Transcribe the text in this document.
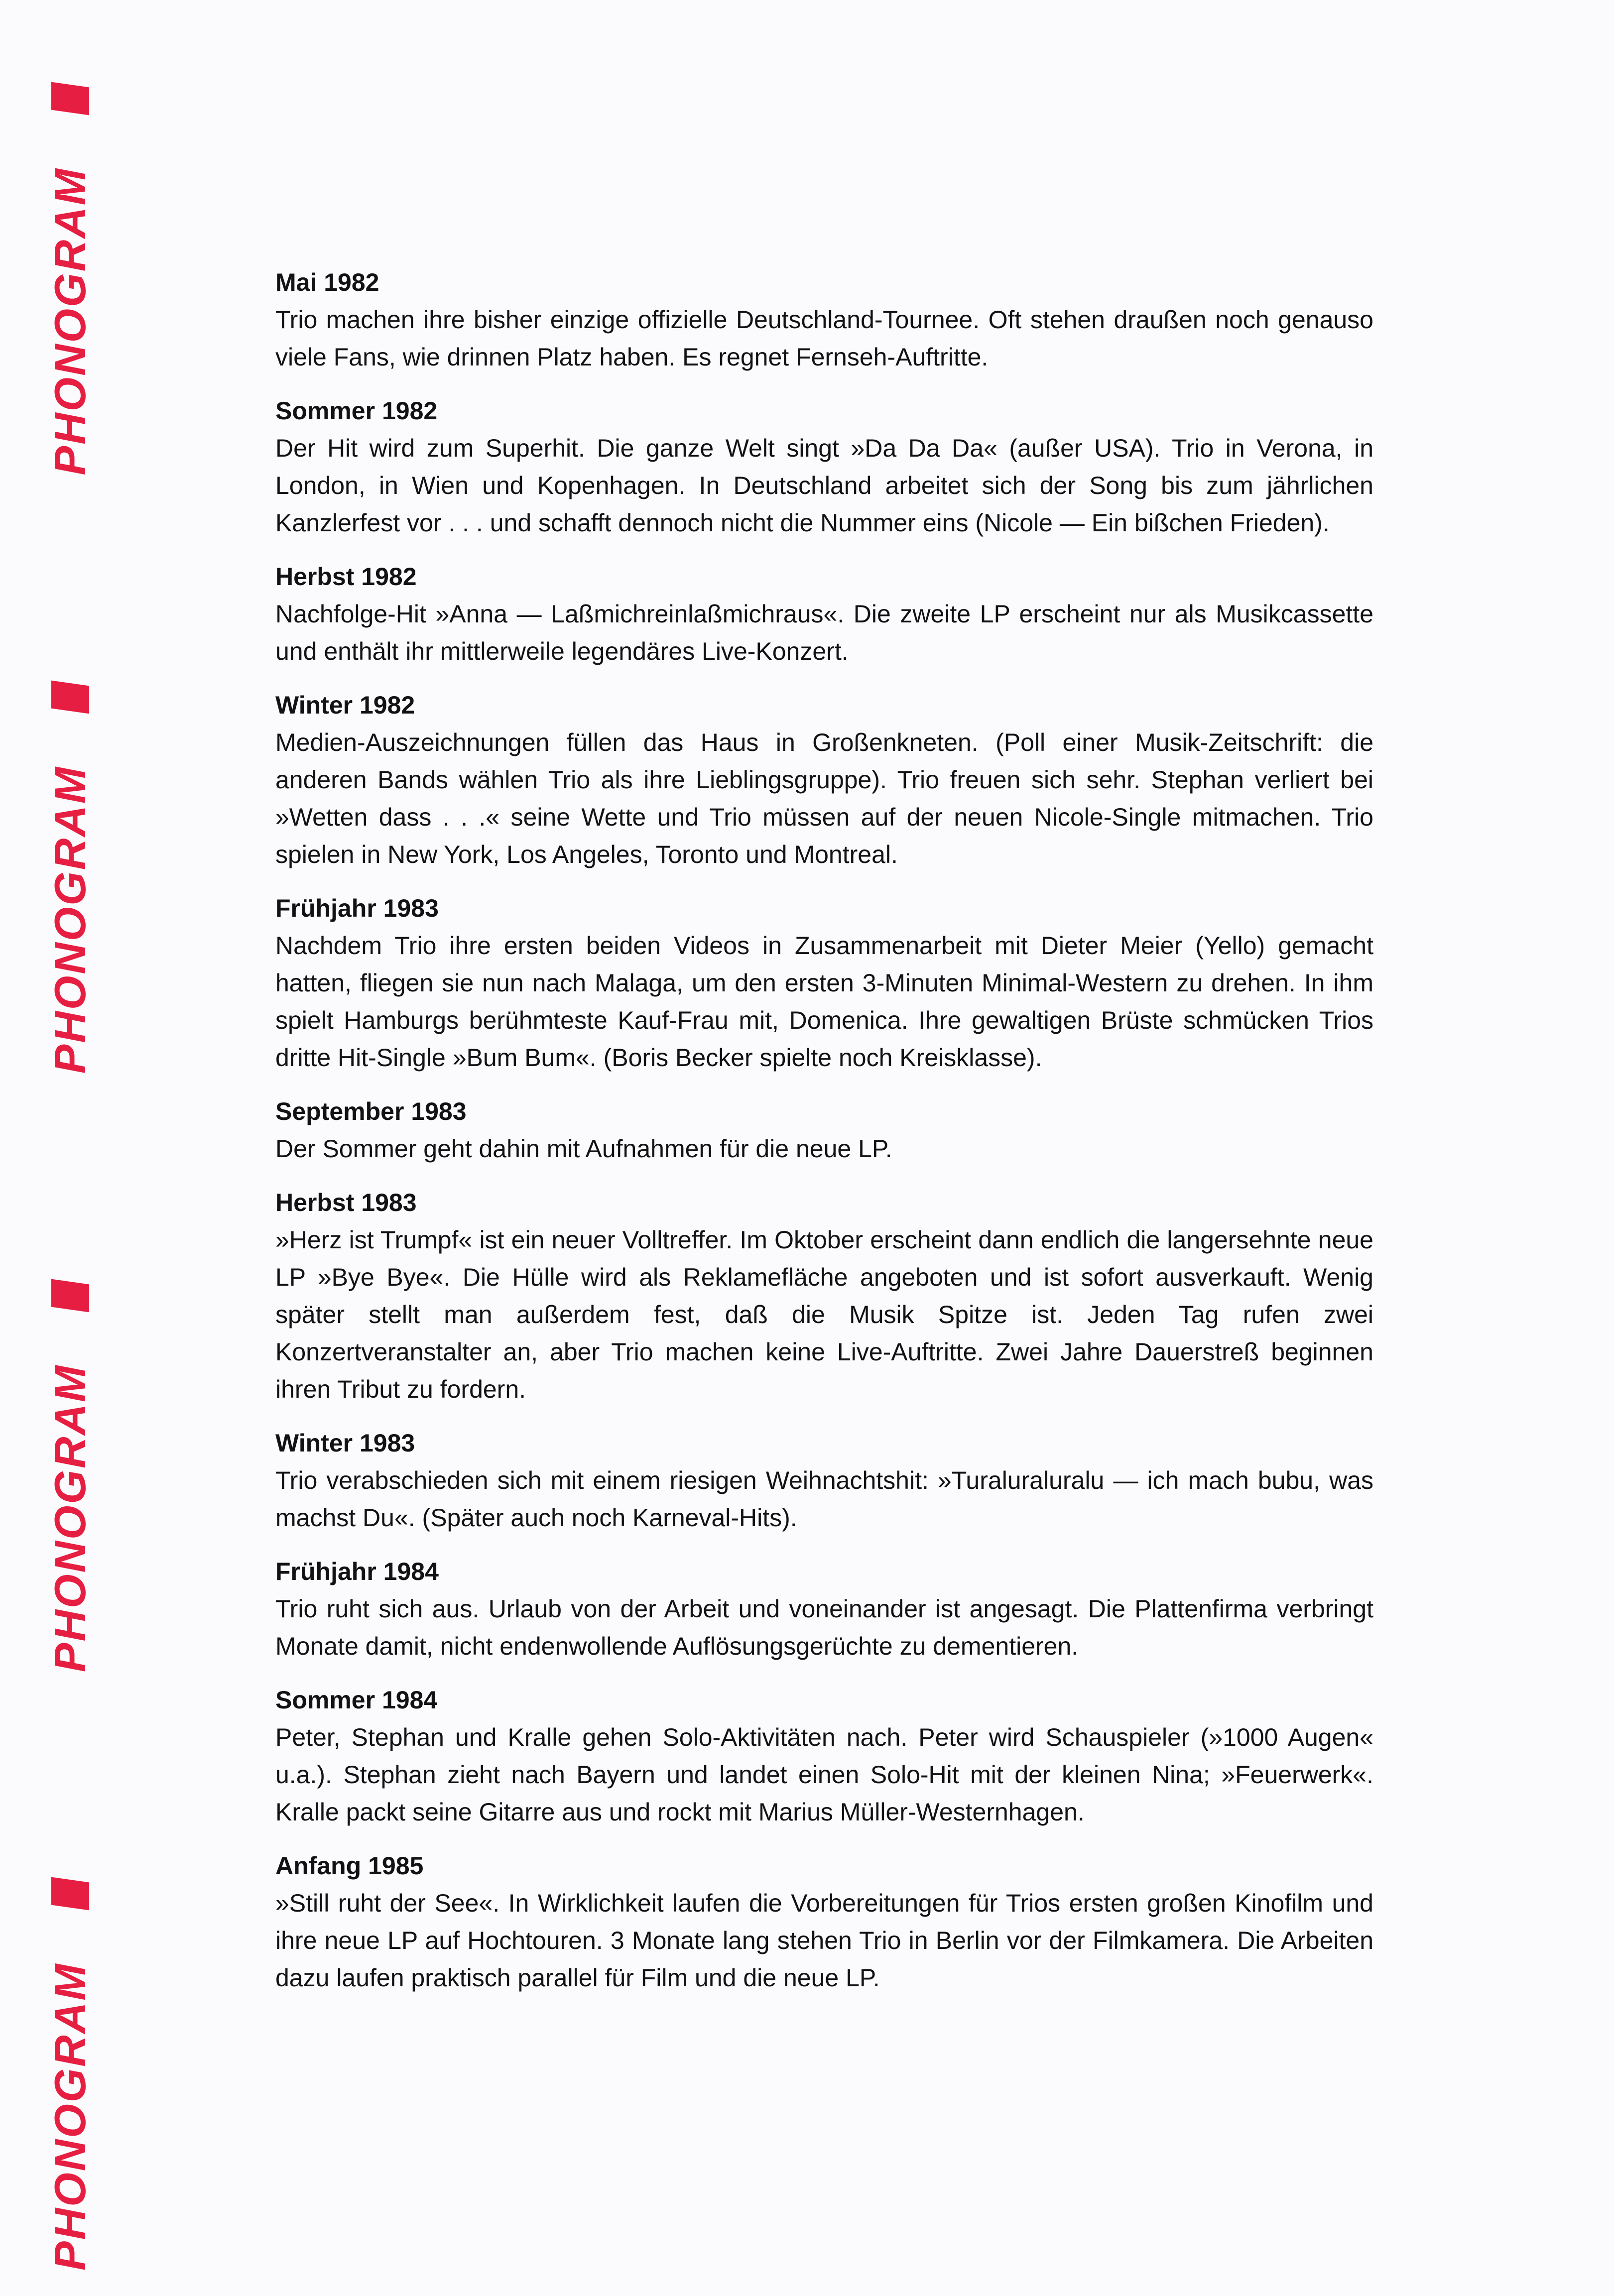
PHONOGRAM
PHONOGRAM
PHONOGRAM
PHONOGRAM	Mai 1982

Trio machen ihre bisher einzige offizielle Deutschland-Tournee. Oft stehen draußen noch genauso viele Fans, wie drinnen Platz haben. Es regnet Fernseh-Auftritte.

Sommer 1982

Der Hit wird zum Superhit. Die ganze Welt singt »Da Da Da« (außer USA). Trio in Verona, in London, in Wien und Kopenhagen. In Deutschland arbeitet sich der Song bis zum jährlichen Kanzlerfest vor . . . und schafft dennoch nicht die Nummer eins (Nicole — Ein bißchen Frieden).

Herbst 1982

Nachfolge-Hit »Anna — Laßmichreinlaßmichraus«. Die zweite LP erscheint nur als Musikcassette und enthält ihr mittlerweile legendäres Live-Konzert.

Winter 1982

Medien-Auszeichnungen füllen das Haus in Großenkneten. (Poll einer Musik-Zeitschrift: die anderen Bands wählen Trio als ihre Lieblingsgruppe). Trio freuen sich sehr. Stephan verliert bei »Wetten dass . . .« seine Wette und Trio müssen auf der neuen Nicole-Single mitmachen. Trio spielen in New York, Los Angeles, Toronto und Montreal.

Frühjahr 1983

Nachdem Trio ihre ersten beiden Videos in Zusammenarbeit mit Dieter Meier (Yello) gemacht hatten, fliegen sie nun nach Malaga, um den ersten 3-Minuten Minimal-Western zu drehen. In ihm spielt Hamburgs berühmteste Kauf-Frau mit, Domenica. Ihre gewaltigen Brüste schmücken Trios dritte Hit-Single »Bum Bum«. (Boris Becker spielte noch Kreisklasse).

September 1983

Der Sommer geht dahin mit Aufnahmen für die neue LP.

Herbst 1983

»Herz ist Trumpf« ist ein neuer Volltreffer. Im Oktober erscheint dann endlich die langersehnte neue LP »Bye Bye«. Die Hülle wird als Reklamefläche angeboten und ist sofort ausverkauft. Wenig später stellt man außerdem fest, daß die Musik Spitze ist. Jeden Tag rufen zwei Konzertveranstalter an, aber Trio machen keine Live-Auftritte. Zwei Jahre Dauerstreß beginnen ihren Tribut zu fordern.

Winter 1983

Trio verabschieden sich mit einem riesigen Weihnachtshit: »Turaluraluralu — ich mach bubu, was machst Du«. (Später auch noch Karneval-Hits).

Frühjahr 1984

Trio ruht sich aus. Urlaub von der Arbeit und voneinander ist angesagt. Die Plattenfirma verbringt Monate damit, nicht endenwollende Auflösungsgerüchte zu dementieren.

Sommer 1984

Peter, Stephan und Kralle gehen Solo-Aktivitäten nach. Peter wird Schauspieler (»1000 Augen« u.a.). Stephan zieht nach Bayern und landet einen Solo-Hit mit der kleinen Nina; »Feuerwerk«. Kralle packt seine Gitarre aus und rockt mit Marius Müller-Westernhagen.

Anfang 1985

»Still ruht der See«. In Wirklichkeit laufen die Vorbereitungen für Trios ersten großen Kinofilm und ihre neue LP auf Hochtouren. 3 Monate lang stehen Trio in Berlin vor der Filmkamera. Die Arbeiten dazu laufen praktisch parallel für Film und die neue LP.
